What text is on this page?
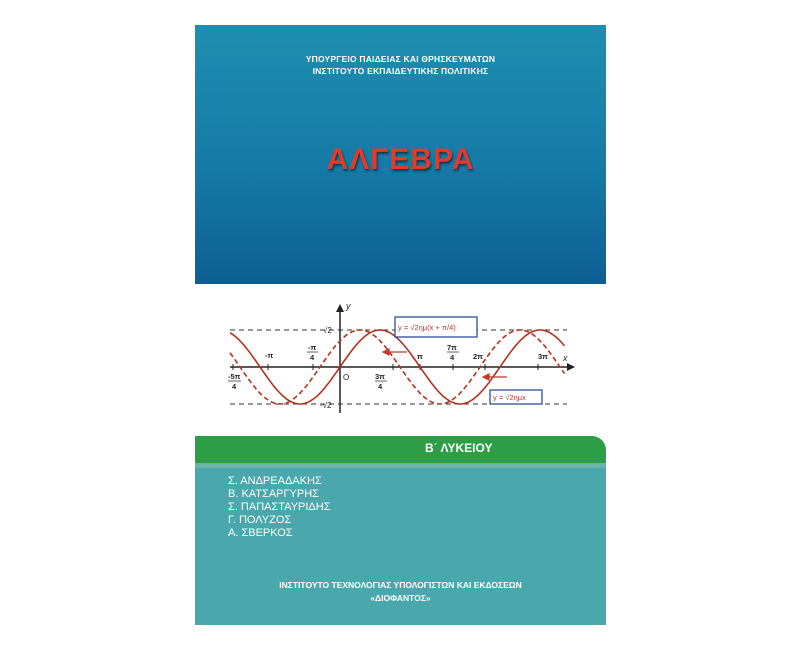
ΥΠΟΥΡΓΕΙΟ ΠΑΙΔΕΙΑΣ ΚΑΙ ΘΡΗΣΚΕΥΜΑΤΩΝ
ΙΝΣΤΙΤΟΥΤΟ ΕΚΠΑΙΔΕΥΤΙΚΗΣ ΠΟΛΙΤΙΚΗΣ
ΑΛΓΕΒΡΑ
y
x
O
√2
-√2
-5π
4
-π
-π
4
3π
4
π
7π
4	2π	3π
y = √2ημ(x + π/4)
y = √2ημx
Β΄ ΛΥΚΕΙΟΥ
Σ. ΑΝΔΡΕΑΔΑΚΗΣ
Β. ΚΑΤΣΑΡΓΥΡΗΣ
Σ. ΠΑΠΑΣΤΑΥΡΙΔΗΣ
Γ. ΠΟΛΥΖΟΣ
Α. ΣΒΕΡΚΟΣ
ΙΝΣΤΙΤΟΥΤΟ ΤΕΧΝΟΛΟΓΙΑΣ ΥΠΟΛΟΓΙΣΤΩΝ ΚΑΙ ΕΚΔΟΣΕΩΝ
«ΔΙΟΦΑΝΤΟΣ»
